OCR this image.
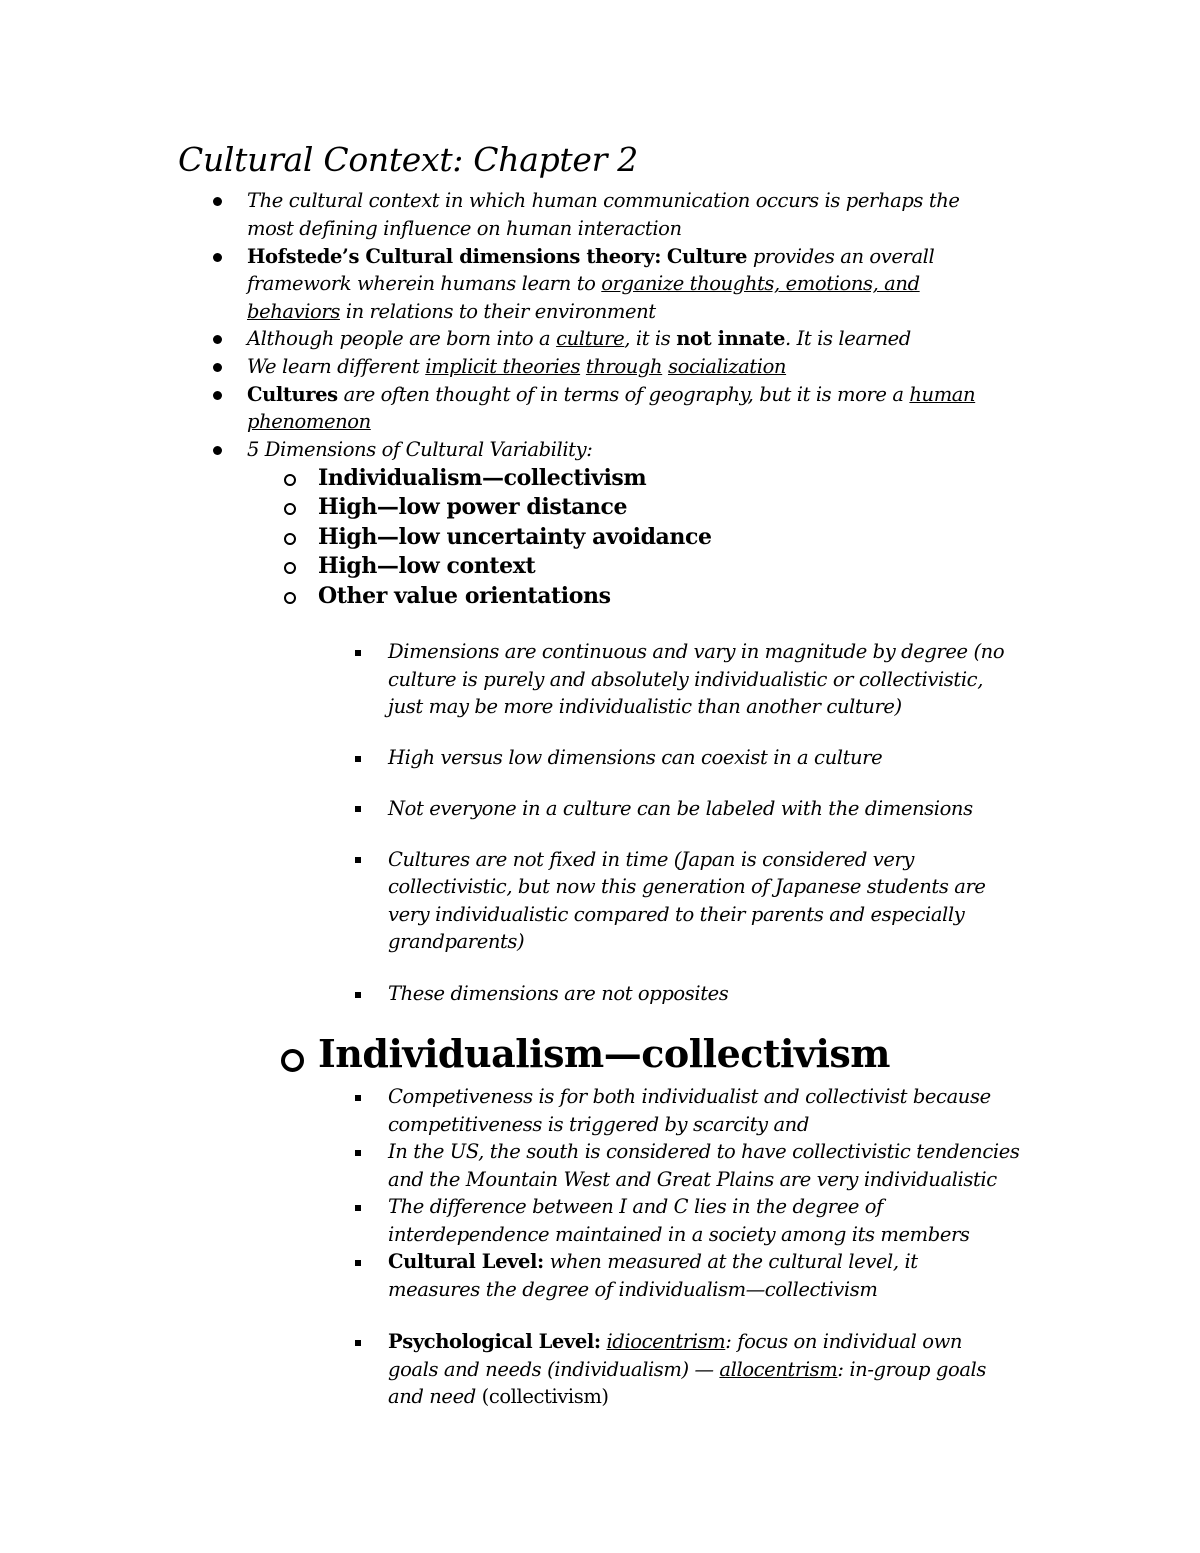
Cultural Context: Chapter 2
The cultural context in which human communication occurs is perhaps the
most defining influence on human interaction
Hofstede’s Cultural dimensions theory: Culture provides an overall
framework wherein humans learn to organize thoughts, emotions, and
behaviors in relations to their environment
Although people are born into a culture, it is not innate. It is learned
We learn different implicit theories through socialization
Cultures are often thought of in terms of geography, but it is more a human
phenomenon
5 Dimensions of Cultural Variability:
Individualism—collectivism
High—low power distance
High—low uncertainty avoidance
High—low context
Other value orientations
Dimensions are continuous and vary in magnitude by degree (no
culture is purely and absolutely individualistic or collectivistic,
just may be more individualistic than another culture)
High versus low dimensions can coexist in a culture
Not everyone in a culture can be labeled with the dimensions
Cultures are not fixed in time (Japan is considered very
collectivistic, but now this generation of Japanese students are
very individualistic compared to their parents and especially
grandparents)
These dimensions are not opposites
Individualism—collectivism
Competiveness is for both individualist and collectivist because
competitiveness is triggered by scarcity and
In the US, the south is considered to have collectivistic tendencies
and the Mountain West and Great Plains are very individualistic
The difference between I and C lies in the degree of
interdependence maintained in a society among its members
Cultural Level: when measured at the cultural level, it
measures the degree of individualism—collectivism
Psychological Level: idiocentrism: focus on individual own
goals and needs (individualism) — allocentrism: in-group goals
and need (collectivism)
